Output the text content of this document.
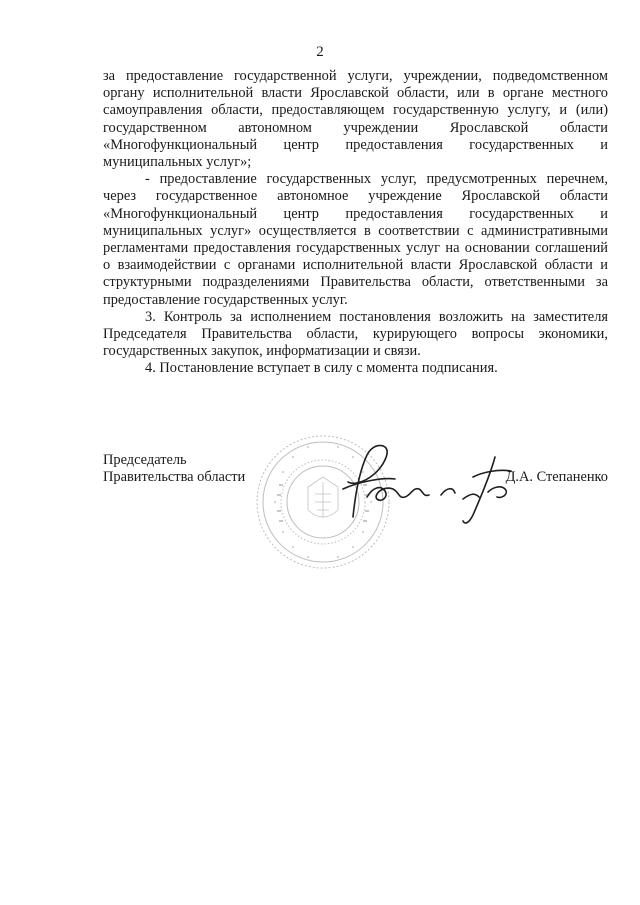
2

за предоставление государственной услуги, учреждении, подведомственном органу исполнительной власти Ярославской области, или в органе местного самоуправления области, предоставляющем государственную услугу, и (или) государственном автономном учреждении Ярославской области «Многофункциональный центр предоставления государственных и муниципальных услуг»;

- предоставление государственных услуг, предусмотренных перечнем, через государственное автономное учреждение Ярославской области «Многофункциональный центр предоставления государственных и муниципальных услуг» осуществляется в соответствии с административными регламентами предоставления государственных услуг на основании соглашений о взаимодействии с органами исполнительной власти Ярославской области и структурными подразделениями Правительства области, ответственными за предоставление государственных услуг.

3. Контроль за исполнением постановления возложить на заместителя Председателя Правительства области, курирующего вопросы экономики, государственных закупок, информатизации и связи.

4. Постановление вступает в силу с момента подписания.

Председатель
Правительства области	Д.А. Степаненко
